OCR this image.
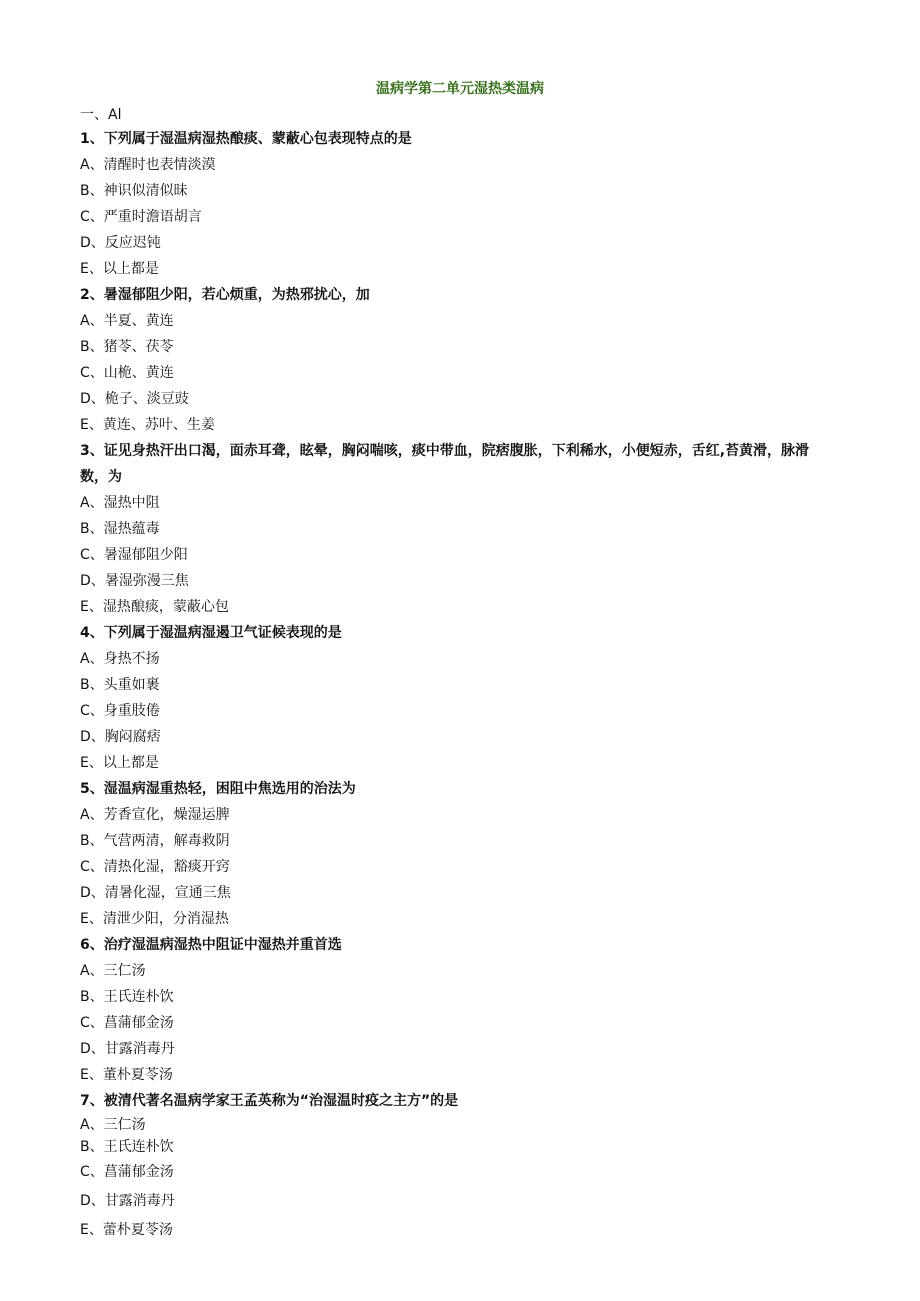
温病学第二单元湿热类温病
一、Al
1、下列属于湿温病湿热酿痰、蒙蔽心包表现特点的是
A、清醒时也表情淡漠
B、神识似清似昧
C、严重时澹语胡言
D、反应迟钝
E、以上都是
2、暑湿郁阻少阳，若心烦重，为热邪扰心，加
A、半夏、黄连
B、猪苓、茯苓
C、山桅、黄连
D、桅子、淡豆豉
E、黄连、苏叶、生姜
3、证见身热汗出口渴，面赤耳聋，眩晕，胸闷喘咳，痰中带血，院痞腹胀，下利稀水，小便短赤，舌红,苔黄滑，脉滑数，为
A、湿热中阻
B、湿热蕴毒
C、暑湿郁阻少阳
D、暑湿弥漫三焦
E、湿热酿痰，蒙蔽心包
4、下列属于湿温病湿遏卫气证候表现的是
A、身热不扬
B、头重如裹
C、身重肢倦
D、胸闷腐痞
E、以上都是
5、湿温病湿重热轻，困阻中焦选用的治法为
A、芳香宣化，燥湿运脾
B、气营两清，解毒救阴
C、清热化湿，豁痰开窍
D、清暑化湿，宣通三焦
E、清泄少阳，分消湿热
6、治疗湿温病湿热中阻证中湿热并重首选
A、三仁汤
B、王氏连朴饮
C、菖蒲郁金汤
D、甘露消毒丹
E、董朴夏苓汤
7、被清代著名温病学家王孟英称为“治湿温时疫之主方”的是
A、三仁汤
B、王氏连朴饮
C、菖蒲郁金汤
D、甘露消毒丹
E、蕾朴夏苓汤
